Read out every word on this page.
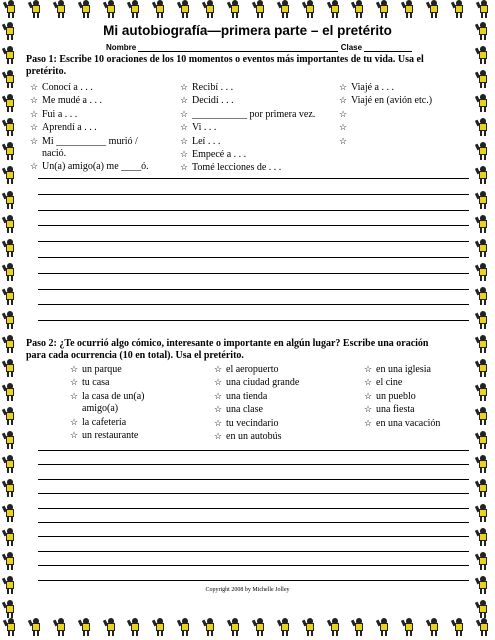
Mi autobiografía—primera parte – el pretérito
Nombre	Clase
Paso 1: Escribe 10 oraciones de los 10 momentos o eventos más importantes de tu vida. Usa el pretérito.
☆ Conocí a . . .
☆ Me mudé a . . .
☆ Fui a . . .
☆ Aprendí a . . .
☆ Mi __________ murió /
nació.
☆ Un(a) amigo(a) me ____ó.
☆ Recibí . . .
☆ Decidí . . .
☆ ___________ por primera vez.
☆ Vi . . .
☆ Leí . . .
☆ Empecé a . . .
☆ Tomé lecciones de . . .
☆ Viajé a . . .
☆ Viajé en (avión etc.)
☆
☆
☆
Paso 2: ¿Te ocurrió algo cómico, interesante o importante en algún lugar? Escribe una oración para cada ocurrencia (10 en total). Usa el pretérito.
☆ un parque
☆ tu casa
☆ la casa de un(a)
amigo(a)
☆ la cafetería
☆ un restaurante
☆ el aeropuerto
☆ una ciudad grande
☆ una tienda
☆ una clase
☆ tu vecindario
☆ en un autobús
☆ en una iglesia
☆ el cine
☆ un pueblo
☆ una fiesta
☆ en una vacación
Copyright 2008 by Michelle Jolley
